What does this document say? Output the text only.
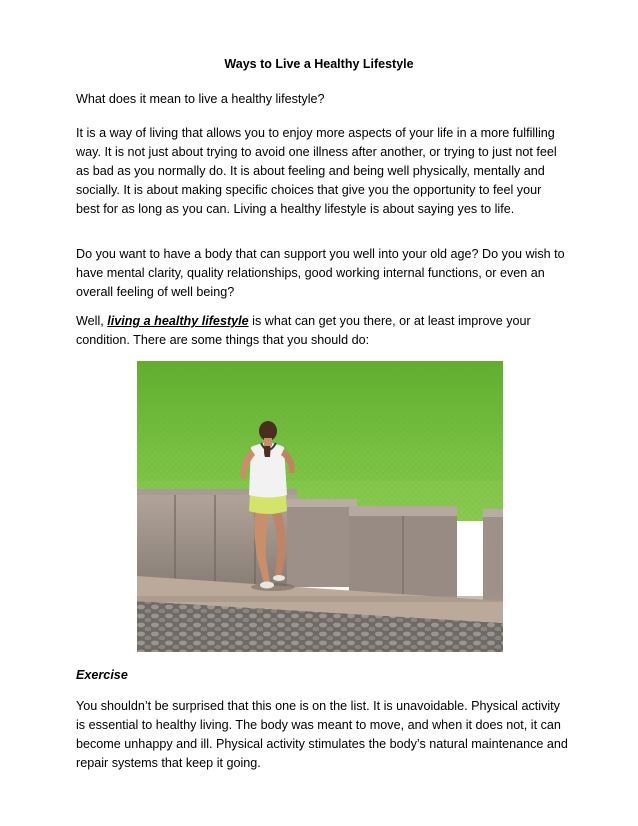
Ways to Live a Healthy Lifestyle

What does it mean to live a healthy lifestyle?

It is a way of living that allows you to enjoy more aspects of your life in a more fulfilling way. It is not just about trying to avoid one illness after another, or trying to just not feel as bad as you normally do. It is about feeling and being well physically, mentally and socially. It is about making specific choices that give you the opportunity to feel your best for as long as you can. Living a healthy lifestyle is about saying yes to life.

Do you want to have a body that can support you well into your old age? Do you wish to have mental clarity, quality relationships, good working internal functions, or even an overall feeling of well being?

Well, living a healthy lifestyle is what can get you there, or at least improve your condition. There are some things that you should do:

Exercise

You shouldn’t be surprised that this one is on the list. It is unavoidable. Physical activity is essential to healthy living. The body was meant to move, and when it does not, it can become unhappy and ill. Physical activity stimulates the body’s natural maintenance and repair systems that keep it going.
